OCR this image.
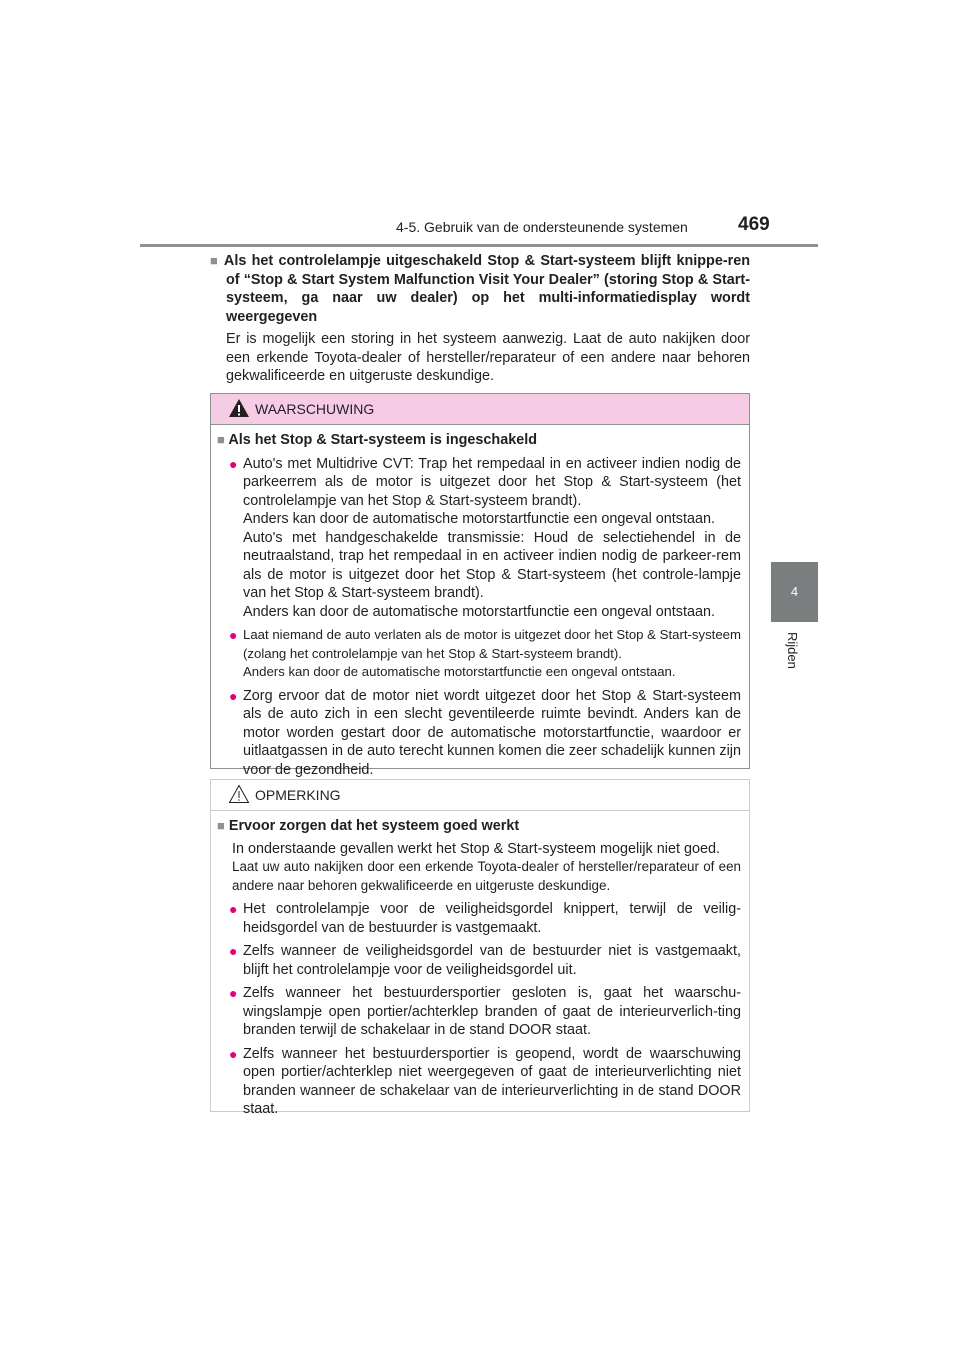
4-5. Gebruik van de ondersteunende systemen	469
4
Rijden
■ Als het controlelampje uitgeschakeld Stop & Start-systeem blijft knippe-ren of “Stop & Start System Malfunction Visit Your Dealer” (storing Stop & Start-systeem, ga naar uw dealer) op het multi-informatiedisplay wordt weergegeven
Er is mogelijk een storing in het systeem aanwezig. Laat de auto nakijken door een erkende Toyota-dealer of hersteller/reparateur of een andere naar behoren gekwalificeerde en uitgeruste deskundige.
WAARSCHUWING
■ Als het Stop & Start-systeem is ingeschakeld
● Auto's met Multidrive CVT: Trap het rempedaal in en activeer indien nodig de parkeerrem als de motor is uitgezet door het Stop & Start-systeem (het controlelampje van het Stop & Start-systeem brandt).
Anders kan door de automatische motorstartfunctie een ongeval ontstaan.
Auto's met handgeschakelde transmissie: Houd de selectiehendel in de neutraalstand, trap het rempedaal in en activeer indien nodig de parkeer-rem als de motor is uitgezet door het Stop & Start-systeem (het controle-lampje van het Stop & Start-systeem brandt).
Anders kan door de automatische motorstartfunctie een ongeval ontstaan.
● Laat niemand de auto verlaten als de motor is uitgezet door het Stop & Start-systeem (zolang het controlelampje van het Stop & Start-systeem brandt).
Anders kan door de automatische motorstartfunctie een ongeval ontstaan.
● Zorg ervoor dat de motor niet wordt uitgezet door het Stop & Start-systeem als de auto zich in een slecht geventileerde ruimte bevindt. Anders kan de motor worden gestart door de automatische motorstartfunctie, waardoor er uitlaatgassen in de auto terecht kunnen komen die zeer schadelijk kunnen zijn voor de gezondheid.
OPMERKING
■ Ervoor zorgen dat het systeem goed werkt
In onderstaande gevallen werkt het Stop & Start-systeem mogelijk niet goed.
Laat uw auto nakijken door een erkende Toyota-dealer of hersteller/reparateur of een andere naar behoren gekwalificeerde en uitgeruste deskundige.
● Het controlelampje voor de veiligheidsgordel knippert, terwijl de veilig-heidsgordel van de bestuurder is vastgemaakt.
● Zelfs wanneer de veiligheidsgordel van de bestuurder niet is vastgemaakt, blijft het controlelampje voor de veiligheidsgordel uit.
● Zelfs wanneer het bestuurdersportier gesloten is, gaat het waarschu-wingslampje open portier/achterklep branden of gaat de interieurverlich-ting branden terwijl de schakelaar in de stand DOOR staat.
● Zelfs wanneer het bestuurdersportier is geopend, wordt de waarschuwing open portier/achterklep niet weergegeven of gaat de interieurverlichting niet branden wanneer de schakelaar van de interieurverlichting in de stand DOOR staat.
